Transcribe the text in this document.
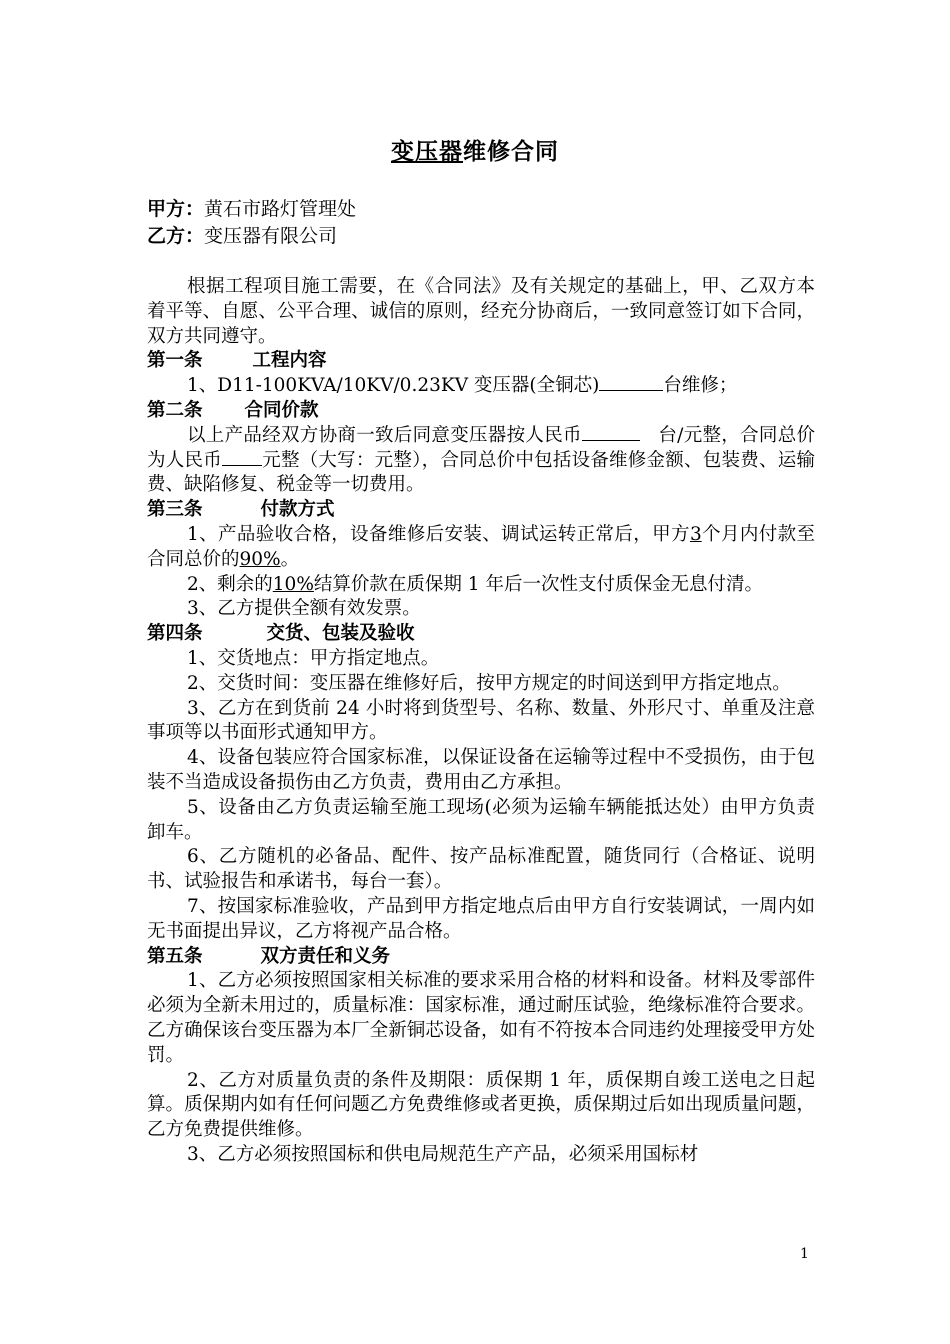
变压器维修合同
甲方：黄石市路灯管理处
乙方：变压器有限公司

根据工程项目施工需要，在《合同法》及有关规定的基础上，甲、乙双方本着平等、自愿、公平合理、诚信的原则，经充分协商后，一致同意签订如下合同，双方共同遵守。

第一条	工程内容

1、D11-100KVA/10KV/0.23KV 变压器(全铜芯)	台维修；

第二条 合同价款

以上产品经双方协商一致后同意变压器按人民币	台/元整，合同总价为人民币 元整（大写：元整），合同总价中包括设备维修金额、包装费、运输费、缺陷修复、税金等一切费用。

第三条	付款方式

1、产品验收合格，设备维修后安装、调试运转正常后，甲方3个月内付款至合同总价的90%。

2、剩余的10%结算价款在质保期 1 年后一次性支付质保金无息付清。

3、乙方提供全额有效发票。

第四条	交货、包装及验收

1、交货地点：甲方指定地点。

2、交货时间：变压器在维修好后，按甲方规定的时间送到甲方指定地点。

3、乙方在到货前 24 小时将到货型号、名称、数量、外形尺寸、单重及注意事项等以书面形式通知甲方。

4、设备包装应符合国家标准，以保证设备在运输等过程中不受损伤，由于包装不当造成设备损伤由乙方负责，费用由乙方承担。

5、设备由乙方负责运输至施工现场(必须为运输车辆能抵达处）由甲方负责卸车。

6、乙方随机的必备品、配件、按产品标准配置，随货同行（合格证、说明书、试验报告和承诺书，每台一套）。

7、按国家标准验收，产品到甲方指定地点后由甲方自行安装调试，一周内如无书面提出异议，乙方将视产品合格。

第五条	双方责任和义务

1、乙方必须按照国家相关标准的要求采用合格的材料和设备。材料及零部件必须为全新未用过的，质量标准：国家标准，通过耐压试验，绝缘标准符合要求。乙方确保该台变压器为本厂全新铜芯设备，如有不符按本合同违约处理接受甲方处罚。

2、乙方对质量负责的条件及期限：质保期 1 年，质保期自竣工送电之日起算。质保期内如有任何问题乙方免费维修或者更换，质保期过后如出现质量问题，乙方免费提供维修。

3、乙方必须按照国标和供电局规范生产产品，必须采用国标材

1
